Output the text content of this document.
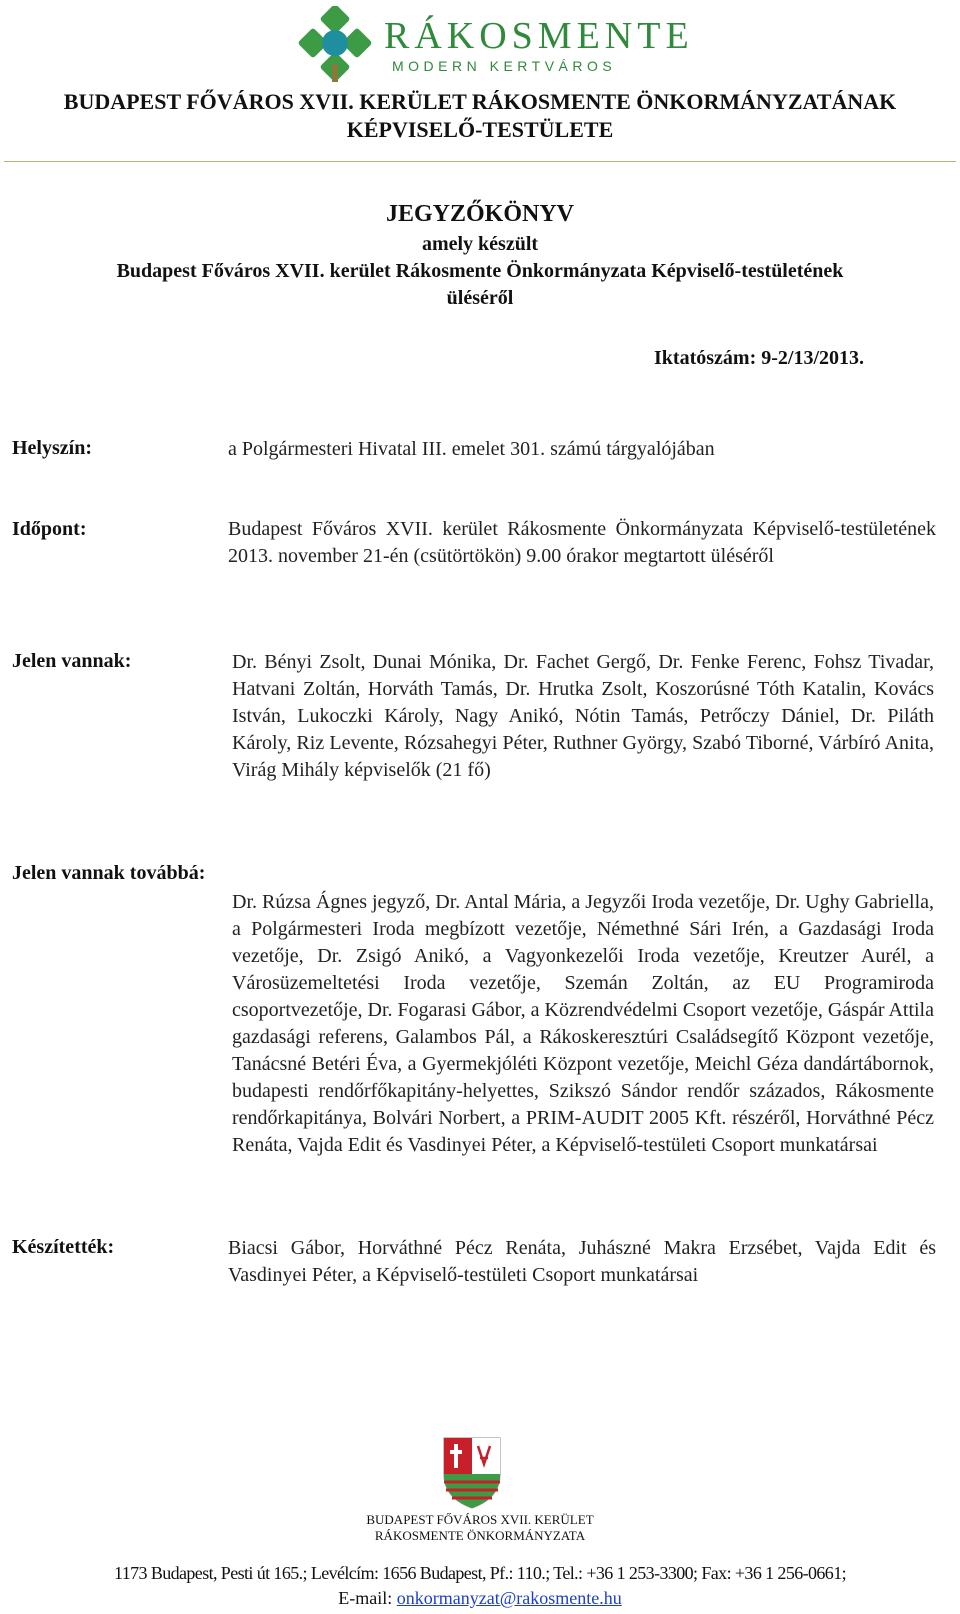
RÁKOSMENTE
MODERN KERTVÁROS
BUDAPEST FŐVÁROS XVII. KERÜLET RÁKOSMENTE ÖNKORMÁNYZATÁNAK
KÉPVISELŐ-TESTÜLETE
JEGYZŐKÖNYV
amely készült
Budapest Főváros XVII. kerület Rákosmente Önkormányzata Képviselő-testületének
üléséről
Iktatószám: 9-2/13/2013.
Helyszín:	a Polgármesteri Hivatal III. emelet 301. számú tárgyalójában
Időpont:	Budapest Főváros XVII. kerület Rákosmente Önkormányzata Képviselő-testületének 2013. november 21-én (csütörtökön) 9.00 órakor megtartott üléséről
Jelen vannak:	Dr. Bényi Zsolt, Dunai Mónika, Dr. Fachet Gergő, Dr. Fenke Ferenc, Fohsz Tivadar, Hatvani Zoltán, Horváth Tamás, Dr. Hrutka Zsolt, Koszorúsné Tóth Katalin, Kovács István, Lukoczki Károly, Nagy Anikó, Nótin Tamás, Petrőczy Dániel, Dr. Piláth Károly, Riz Levente, Rózsahegyi Péter, Ruthner György, Szabó Tiborné, Várbíró Anita, Virág Mihály képviselők (21 fő)
Jelen vannak továbbá:
Dr. Rúzsa Ágnes jegyző, Dr. Antal Mária, a Jegyzői Iroda vezetője, Dr. Ughy Gabriella, a Polgármesteri Iroda megbízott vezetője, Némethné Sári Irén, a Gazdasági Iroda vezetője, Dr. Zsigó Anikó, a Vagyonkezelői Iroda vezetője, Kreutzer Aurél, a Városüzemeltetési Iroda vezetője, Szemán Zoltán, az EU Programiroda csoportvezetője, Dr. Fogarasi Gábor, a Közrendvédelmi Csoport vezetője, Gáspár Attila gazdasági referens, Galambos Pál, a Rákoskeresztúri Családsegítő Központ vezetője, Tanácsné Betéri Éva, a Gyermekjóléti Központ vezetője, Meichl Géza dandártábornok, budapesti rendőrfőkapitány-helyettes, Szikszó Sándor rendőr százados, Rákosmente rendőrkapitánya, Bolvári Norbert, a PRIM-AUDIT 2005 Kft. részéről, Horváthné Pécz Renáta, Vajda Edit és Vasdinyei Péter, a Képviselő-testületi Csoport munkatársai
Készítették:	Biacsi Gábor, Horváthné Pécz Renáta, Juhászné Makra Erzsébet, Vajda Edit és Vasdinyei Péter, a Képviselő-testületi Csoport munkatársai
BUDAPEST FŐVÁROS XVII. KERÜLET
RÁKOSMENTE ÖNKORMÁNYZATA
1173 Budapest, Pesti út 165.; Levélcím: 1656 Budapest, Pf.: 110.; Tel.: +36 1 253-3300; Fax: +36 1 256-0661;
E-mail: onkormanyzat@rakosmente.hu
